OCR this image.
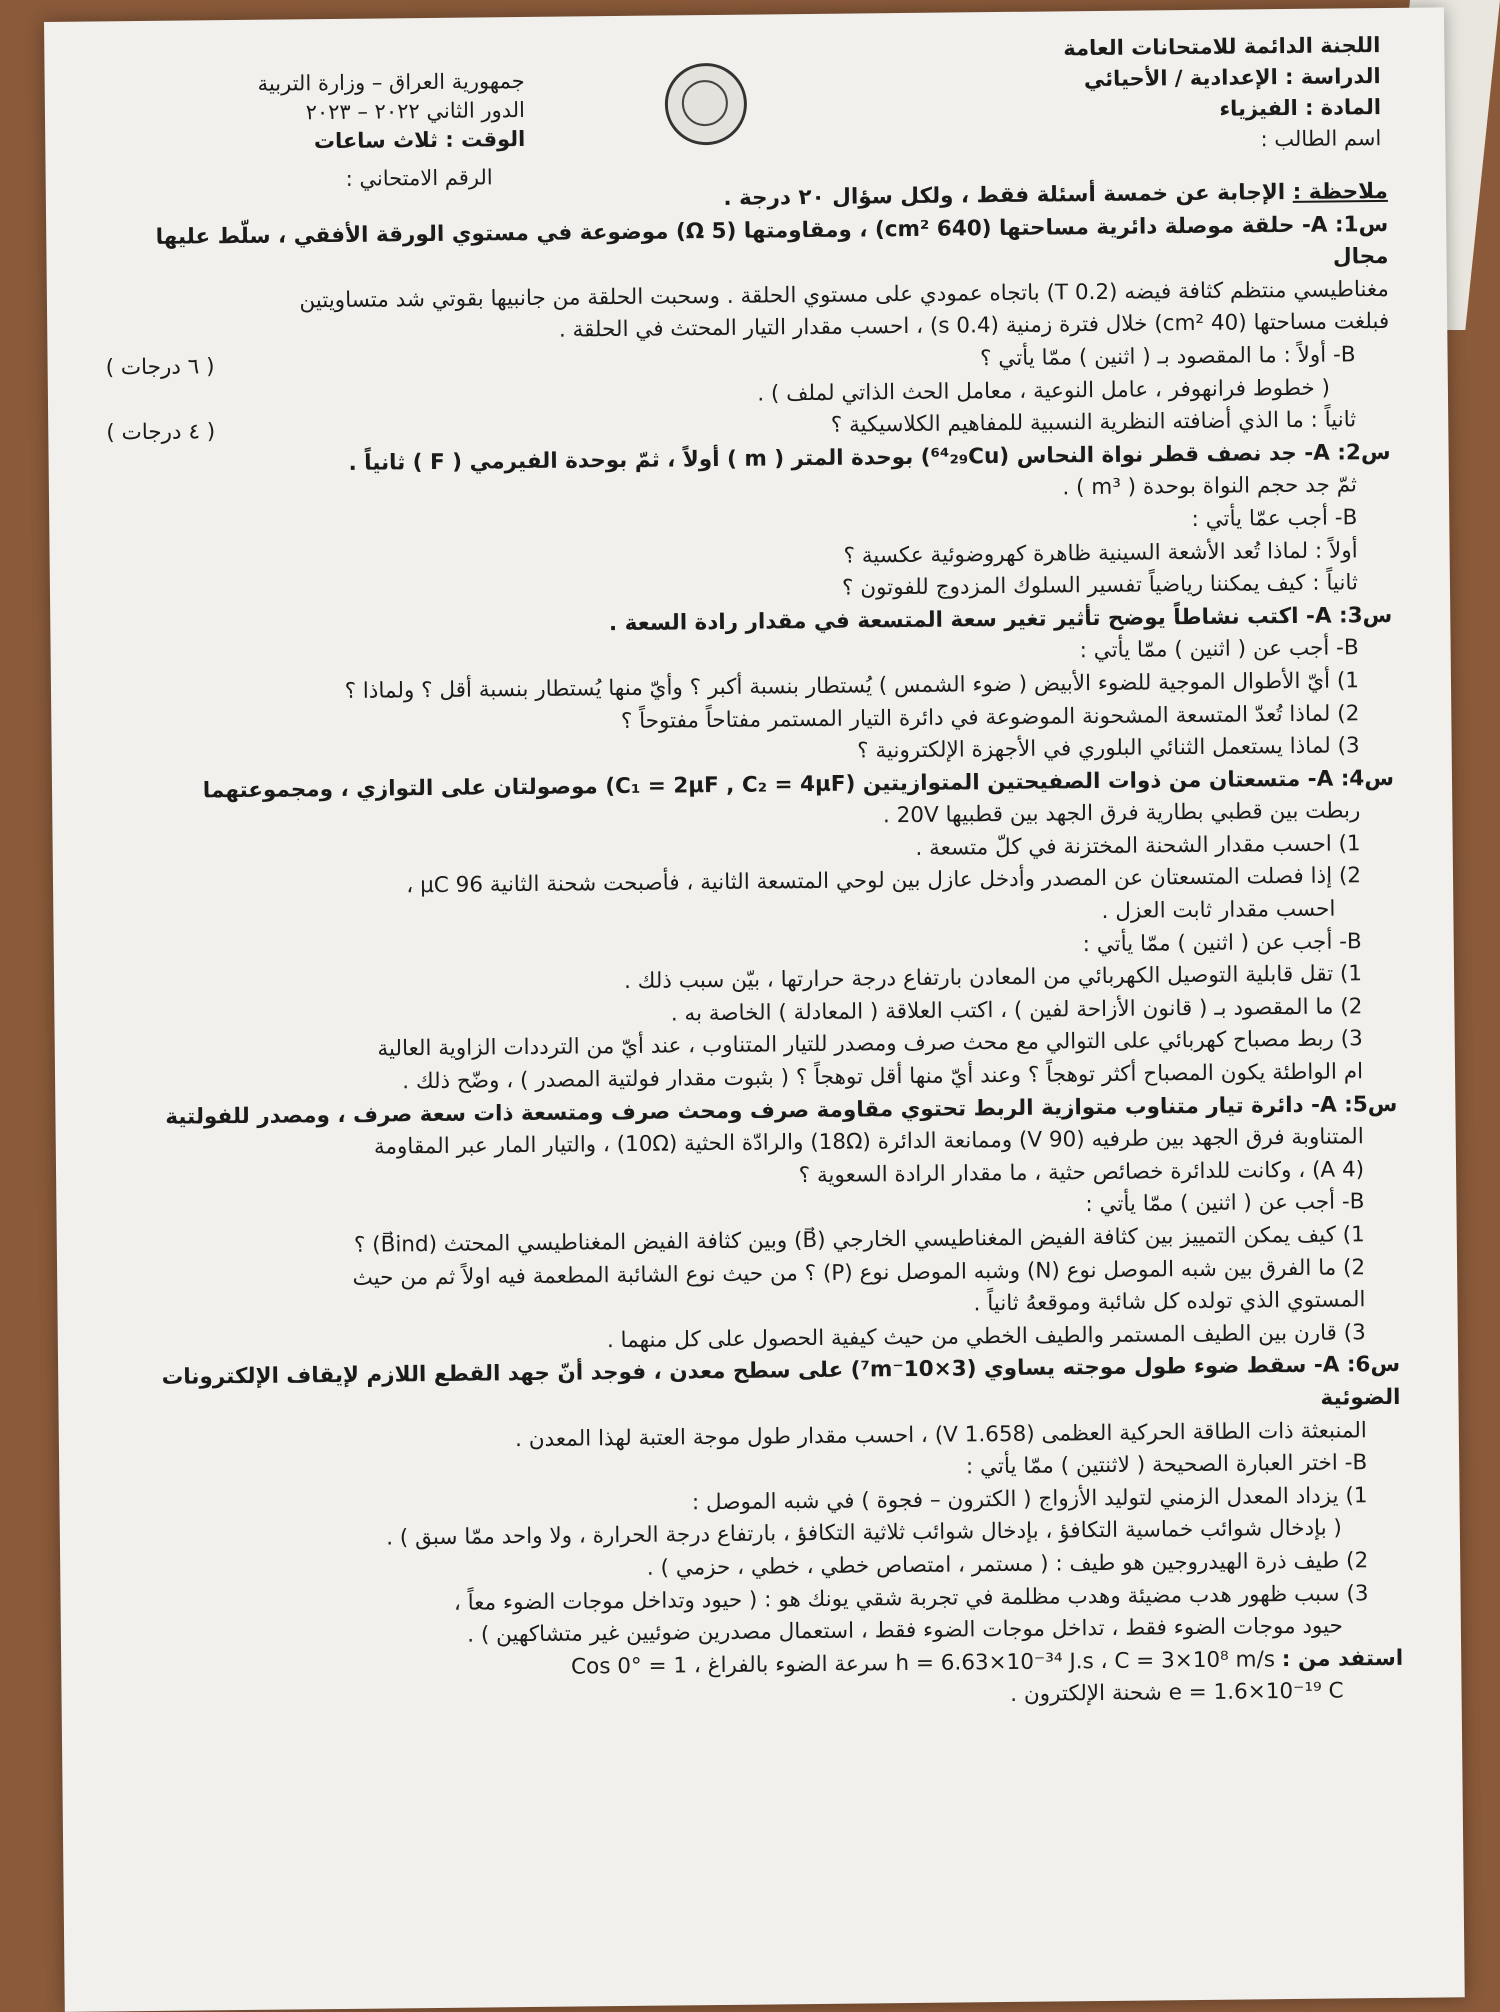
اللجنة الدائمة للامتحانات العامة
الدراسة : الإعدادية / الأحيائي
المادة : الفيزياء
اسم الطالب :
جمهورية العراق – وزارة التربية
الدور الثاني ٢٠٢٢ – ٢٠٢٣
الوقت : ثلاث ساعات
الرقم الامتحاني :

ملاحظة : الإجابة عن خمسة أسئلة فقط ، ولكل سؤال ٢٠ درجة .

س1: A- حلقة موصلة دائرية مساحتها (640 cm²) ، ومقاومتها (5 Ω) موضوعة في مستوي الورقة الأفقي ، سلّط عليها مجال

مغناطيسي منتظم كثافة فيضه (0.2 T) باتجاه عمودي على مستوي الحلقة . وسحبت الحلقة من جانبيها بقوتي شد متساويتين

فبلغت مساحتها (40 cm²) خلال فترة زمنية (0.4 s) ، احسب مقدار التيار المحتث في الحلقة .

( ٦ درجات )	B- أولاً : ما المقصود بـ ( اثنين ) ممّا يأتي ؟

( خطوط فرانهوفر ، عامل النوعية ، معامل الحث الذاتي لملف ) .

( ٤ درجات )	ثانياً : ما الذي أضافته النظرية النسبية للمفاهيم الكلاسيكية ؟

س2: A- جد نصف قطر نواة النحاس (⁶⁴₂₉Cu) بوحدة المتر ( m ) أولاً ، ثمّ بوحدة الفيرمي ( F ) ثانياً .

ثمّ جد حجم النواة بوحدة ( m³ ) .

B- أجب عمّا يأتي :

أولاً : لماذا تُعد الأشعة السينية ظاهرة كهروضوئية عكسية ؟

ثانياً : كيف يمكننا رياضياً تفسير السلوك المزدوج للفوتون ؟

س3: A- اكتب نشاطاً يوضح تأثير تغير سعة المتسعة في مقدار رادة السعة .

B- أجب عن ( اثنين ) ممّا يأتي :

1) أيّ الأطوال الموجية للضوء الأبيض ( ضوء الشمس ) يُستطار بنسبة أكبر ؟ وأيّ منها يُستطار بنسبة أقل ؟ ولماذا ؟

2) لماذا تُعدّ المتسعة المشحونة الموضوعة في دائرة التيار المستمر مفتاحاً مفتوحاً ؟

3) لماذا يستعمل الثنائي البلوري في الأجهزة الإلكترونية ؟

س4: A- متسعتان من ذوات الصفيحتين المتوازيتين (C₁ = 2μF , C₂ = 4μF) موصولتان على التوازي ، ومجموعتهما

ربطت بين قطبي بطارية فرق الجهد بين قطبيها 20V .

1) احسب مقدار الشحنة المختزنة في كلّ متسعة .

2) إذا فصلت المتسعتان عن المصدر وأدخل عازل بين لوحي المتسعة الثانية ، فأصبحت شحنة الثانية 96 μC ،

احسب مقدار ثابت العزل .

B- أجب عن ( اثنين ) ممّا يأتي :

1) تقل قابلية التوصيل الكهربائي من المعادن بارتفاع درجة حرارتها ، بيّن سبب ذلك .

2) ما المقصود بـ ( قانون الأزاحة لفين ) ، اكتب العلاقة ( المعادلة ) الخاصة به .

3) ربط مصباح كهربائي على التوالي مع محث صرف ومصدر للتيار المتناوب ، عند أيّ من الترددات الزاوية العالية

ام الواطئة يكون المصباح أكثر توهجاً ؟ وعند أيّ منها أقل توهجاً ؟ ( بثبوت مقدار فولتية المصدر ) ، وضّح ذلك .

س5: A- دائرة تيار متناوب متوازية الربط تحتوي مقاومة صرف ومحث صرف ومتسعة ذات سعة صرف ، ومصدر للفولتية

المتناوبة فرق الجهد بين طرفيه (90 V) وممانعة الدائرة (18Ω) والرادّة الحثية (10Ω) ، والتيار المار عبر المقاومة

(4 A) ، وكانت للدائرة خصائص حثية ، ما مقدار الرادة السعوية ؟

B- أجب عن ( اثنين ) ممّا يأتي :

1) كيف يمكن التمييز بين كثافة الفيض المغناطيسي الخارجي (B⃗) وبين كثافة الفيض المغناطيسي المحتث (B⃗ind) ؟

2) ما الفرق بين شبه الموصل نوع (N) وشبه الموصل نوع (P) ؟ من حيث نوع الشائبة المطعمة فيه اولاً ثم من حيث

المستوي الذي تولده كل شائبة وموقعهُ ثانياً .

3) قارن بين الطيف المستمر والطيف الخطي من حيث كيفية الحصول على كل منهما .

س6: A- سقط ضوء طول موجته يساوي (3×10⁻⁷m) على سطح معدن ، فوجد أنّ جهد القطع اللازم لإيقاف الإلكترونات الضوئية

المنبعثة ذات الطاقة الحركية العظمى (1.658 V) ، احسب مقدار طول موجة العتبة لهذا المعدن .

B- اختر العبارة الصحيحة ( لاثنتين ) ممّا يأتي :

1) يزداد المعدل الزمني لتوليد الأزواج ( الكترون – فجوة ) في شبه الموصل :

( بإدخال شوائب خماسية التكافؤ ، بإدخال شوائب ثلاثية التكافؤ ، بارتفاع درجة الحرارة ، ولا واحد ممّا سبق ) .

2) طيف ذرة الهيدروجين هو طيف : ( مستمر ، امتصاص خطي ، خطي ، حزمي ) .

3) سبب ظهور هدب مضيئة وهدب مظلمة في تجربة شقي يونك هو : ( حيود وتداخل موجات الضوء معاً ،

حيود موجات الضوء فقط ، تداخل موجات الضوء فقط ، استعمال مصدرين ضوئيين غير متشاكهين ) .

استفد من : h = 6.63×10⁻³⁴ J.s ، C = 3×10⁸ m/s سرعة الضوء بالفراغ ، Cos 0° = 1

e = 1.6×10⁻¹⁹ C شحنة الإلكترون .
